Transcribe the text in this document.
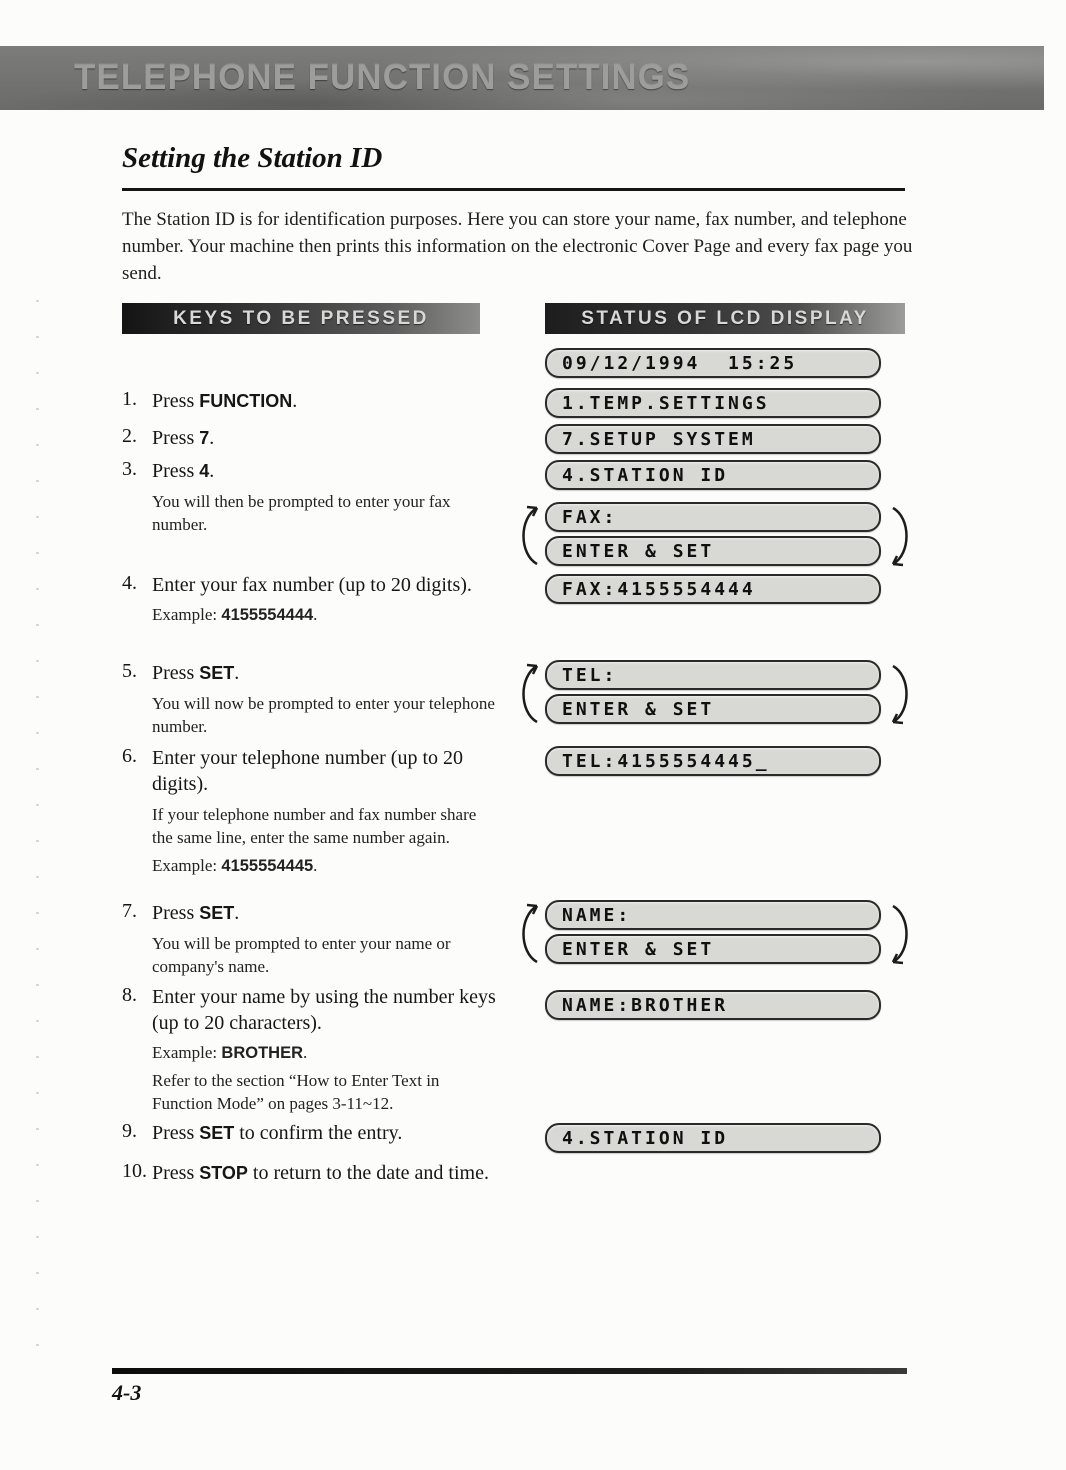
TELEPHONE FUNCTION SETTINGS
Setting the Station ID

The Station ID is for identification purposes. Here you can store your name, fax number, and telephone number. Your machine then prints this information on the electronic Cover Page and every fax page you send.

KEYS TO BE PRESSED	STATUS OF LCD DISPLAY
1. Press FUNCTION.

2. Press 7.

3. Press 4.

You will then be prompted to enter your fax number.

4. Enter your fax number (up to 20 digits).

Example: 4155554444.

5. Press SET.

You will now be prompted to enter your telephone number.

6. Enter your telephone number (up to 20 digits).

If your telephone number and fax number share the same line, enter the same number again.

Example: 4155554445.

7. Press SET.

You will be prompted to enter your name or company's name.

8. Enter your name by using the number keys (up to 20 characters).

Example: BROTHER.

Refer to the section “How to Enter Text in Function Mode” on pages 3-11~12.

9. Press SET to confirm the entry.

10. Press STOP to return to the date and time.

09/12/1994  15:25
1.TEMP.SETTINGS
7.SETUP SYSTEM
4.STATION ID
FAX:
ENTER & SET
FAX:4155554444
TEL:
ENTER & SET
TEL:4155554445_
NAME:
ENTER & SET
NAME:BROTHER
4.STATION ID
4-3
